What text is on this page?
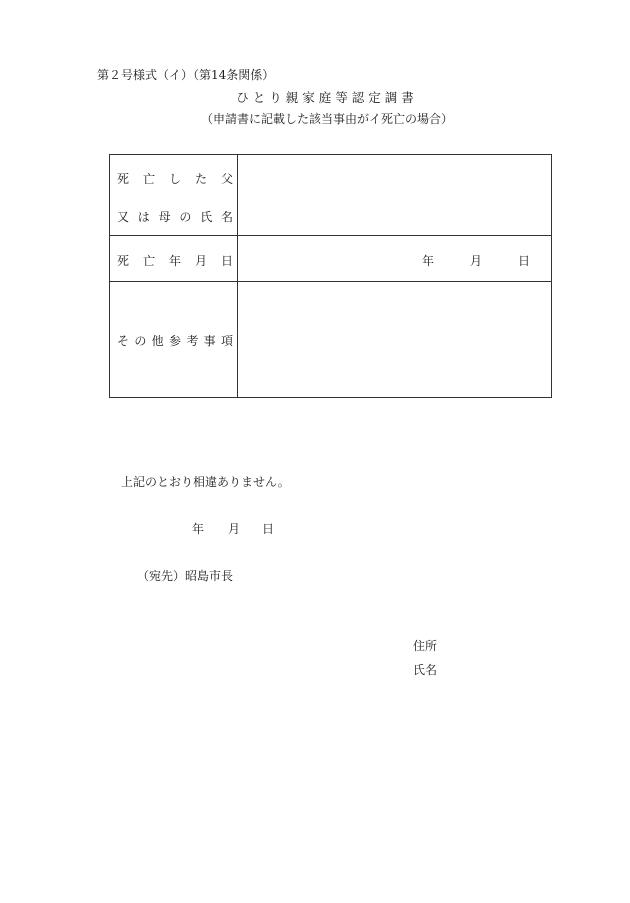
第２号様式（イ）（第14条関係）
ひとり親家庭等認定調書
（申請書に記載した該当事由がイ死亡の場合）
死 亡 し た 父
又 は 母 の 氏 名
死 亡 年 月 日	年	月	日
そ の 他 参 考 事 項
上記のとおり相違ありません。
年 月 日
（宛先）昭島市長
住所
氏名
